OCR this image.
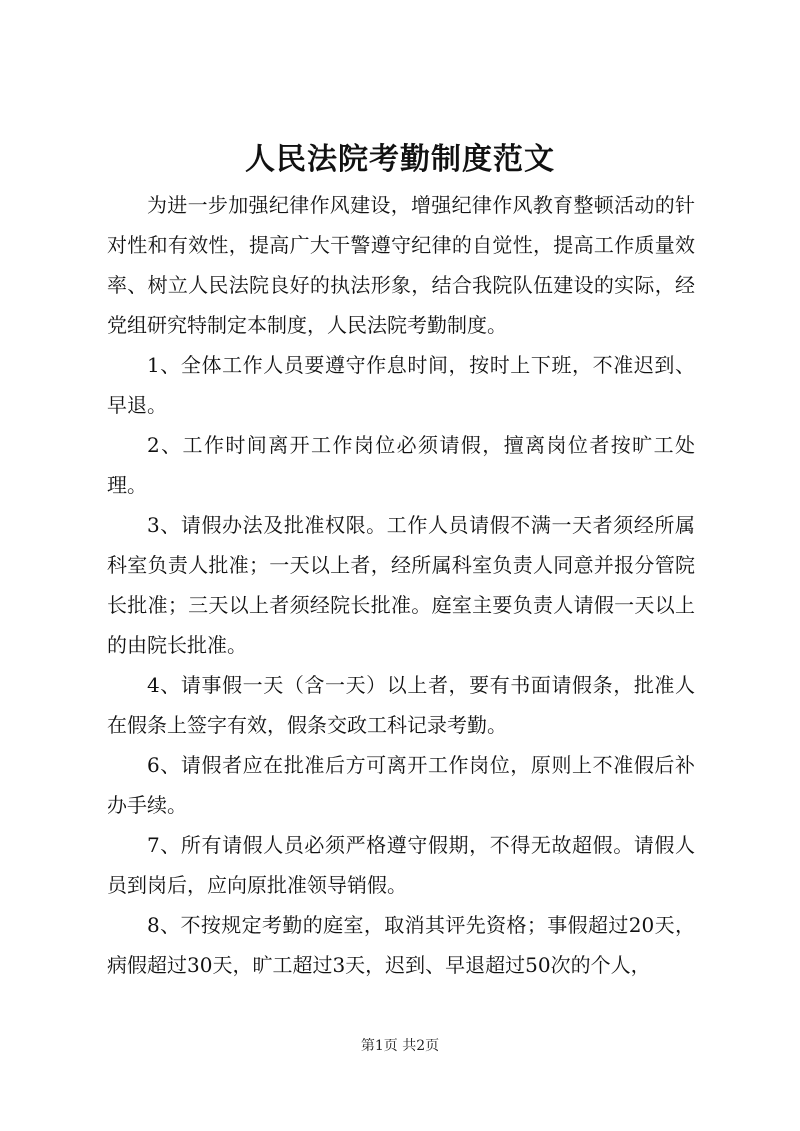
人民法院考勤制度范文

为进一步加强纪律作风建设，增强纪律作风教育整顿活动的针对性和有效性，提高广大干警遵守纪律的自觉性，提高工作质量效率、树立人民法院良好的执法形象，结合我院队伍建设的实际，经党组研究特制定本制度，人民法院考勤制度。

1、全体工作人员要遵守作息时间，按时上下班，不准迟到、早退。

2、工作时间离开工作岗位必须请假，擅离岗位者按旷工处理。

3、请假办法及批准权限。工作人员请假不满一天者须经所属科室负责人批准；一天以上者，经所属科室负责人同意并报分管院长批准；三天以上者须经院长批准。庭室主要负责人请假一天以上的由院长批准。

4、请事假一天（含一天）以上者，要有书面请假条，批准人在假条上签字有效，假条交政工科记录考勤。

6、请假者应在批准后方可离开工作岗位，原则上不准假后补办手续。

7、所有请假人员必须严格遵守假期，不得无故超假。请假人员到岗后，应向原批准领导销假。

8、不按规定考勤的庭室，取消其评先资格；事假超过20天，病假超过30天，旷工超过3天，迟到、早退超过50次的个人，

第1页 共2页
